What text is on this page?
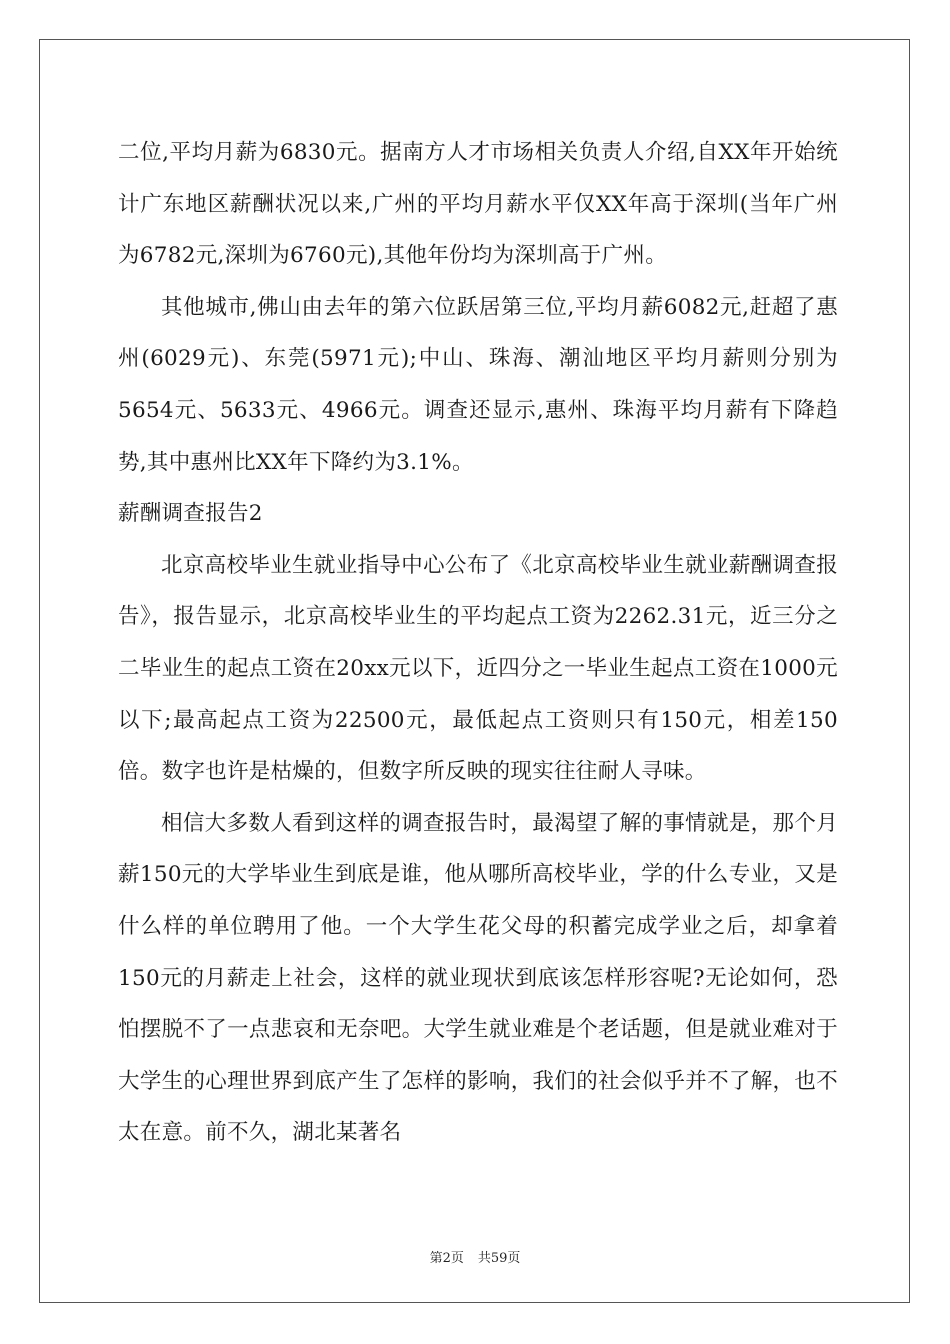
二位,平均月薪为6830元。据南方人才市场相关负责人介绍,自XX年开始统计广东地区薪酬状况以来,广州的平均月薪水平仅XX年高于深圳(当年广州为6782元,深圳为6760元),其他年份均为深圳高于广州。

其他城市,佛山由去年的第六位跃居第三位,平均月薪6082元,赶超了惠州(6029元)、东莞(5971元);中山、珠海、潮汕地区平均月薪则分别为5654元、5633元、4966元。调查还显示,惠州、珠海平均月薪有下降趋势,其中惠州比XX年下降约为3.1%。

薪酬调查报告2

北京高校毕业生就业指导中心公布了《北京高校毕业生就业薪酬调查报告》，报告显示，北京高校毕业生的平均起点工资为2262.31元，近三分之二毕业生的起点工资在20xx元以下，近四分之一毕业生起点工资在1000元以下;最高起点工资为22500元，最低起点工资则只有150元，相差150倍。数字也许是枯燥的，但数字所反映的现实往往耐人寻味。

相信大多数人看到这样的调查报告时，最渴望了解的事情就是，那个月薪150元的大学毕业生到底是谁，他从哪所高校毕业，学的什么专业，又是什么样的单位聘用了他。一个大学生花父母的积蓄完成学业之后，却拿着150元的月薪走上社会，这样的就业现状到底该怎样形容呢?无论如何，恐怕摆脱不了一点悲哀和无奈吧。大学生就业难是个老话题，但是就业难对于大学生的心理世界到底产生了怎样的影响，我们的社会似乎并不了解，也不太在意。前不久，湖北某著名

第2页 共59页
